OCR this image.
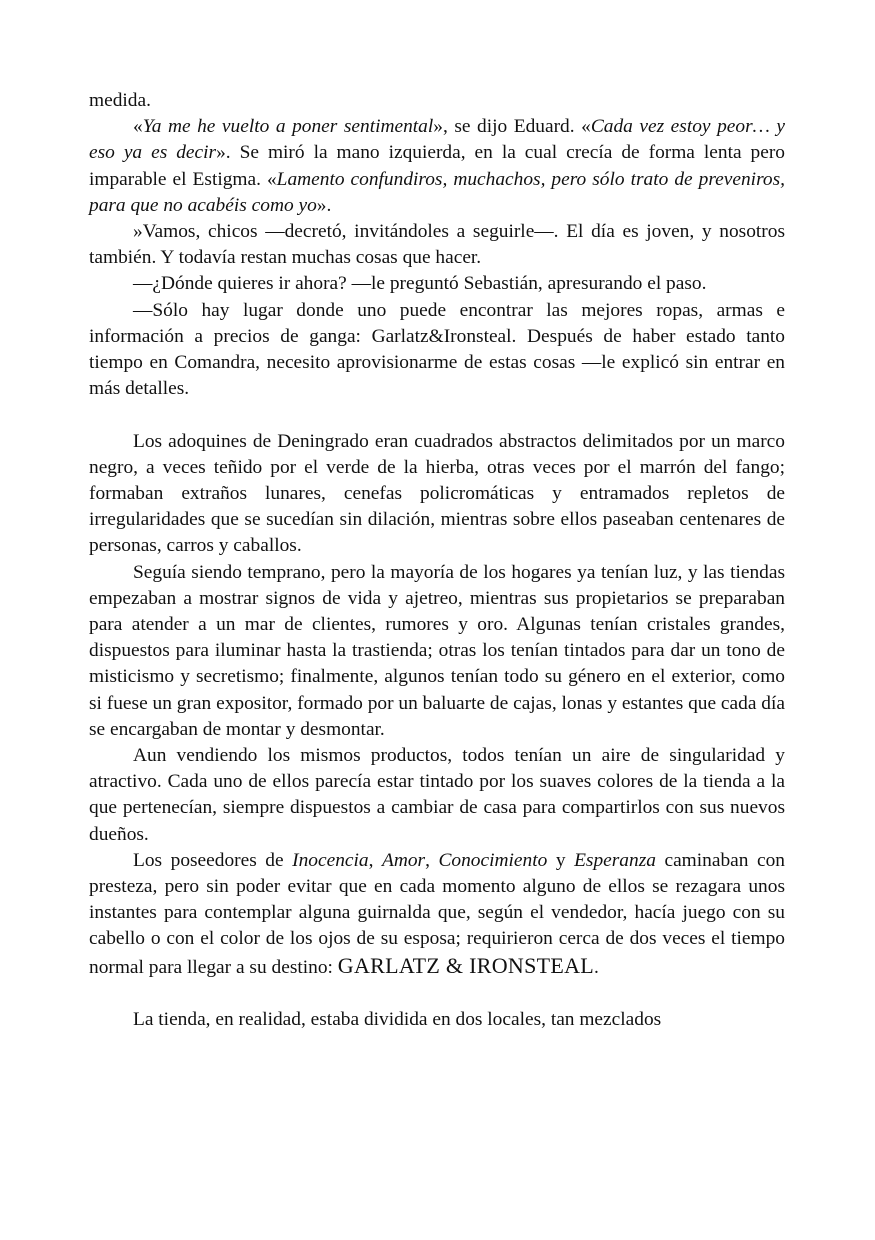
medida.

«Ya me he vuelto a poner sentimental», se dijo Eduard. «Cada vez estoy peor… y eso ya es decir». Se miró la mano izquierda, en la cual crecía de forma lenta pero imparable el Estigma. «Lamento confundiros, muchachos, pero sólo trato de preveniros, para que no acabéis como yo».

»Vamos, chicos —decretó, invitándoles a seguirle—. El día es joven, y nosotros también. Y todavía restan muchas cosas que hacer.

—¿Dónde quieres ir ahora? —le preguntó Sebastián, apresurando el paso.

—Sólo hay lugar donde uno puede encontrar las mejores ropas, armas e información a precios de ganga: Garlatz&Ironsteal. Después de haber estado tanto tiempo en Comandra, necesito aprovisionarme de estas cosas —le explicó sin entrar en más detalles.

Los adoquines de Deningrado eran cuadrados abstractos delimitados por un marco negro, a veces teñido por el verde de la hierba, otras veces por el marrón del fango; formaban extraños lunares, cenefas policromáticas y entramados repletos de irregularidades que se sucedían sin dilación, mientras sobre ellos paseaban centenares de personas, carros y caballos.

Seguía siendo temprano, pero la mayoría de los hogares ya tenían luz, y las tiendas empezaban a mostrar signos de vida y ajetreo, mientras sus propietarios se preparaban para atender a un mar de clientes, rumores y oro. Algunas tenían cristales grandes, dispuestos para iluminar hasta la trastienda; otras los tenían tintados para dar un tono de misticismo y secretismo; finalmente, algunos tenían todo su género en el exterior, como si fuese un gran expositor, formado por un baluarte de cajas, lonas y estantes que cada día se encargaban de montar y desmontar.

Aun vendiendo los mismos productos, todos tenían un aire de singularidad y atractivo. Cada uno de ellos parecía estar tintado por los suaves colores de la tienda a la que pertenecían, siempre dispuestos a cambiar de casa para compartirlos con sus nuevos dueños.

Los poseedores de Inocencia, Amor, Conocimiento y Esperanza caminaban con presteza, pero sin poder evitar que en cada momento alguno de ellos se rezagara unos instantes para contemplar alguna guirnalda que, según el vendedor, hacía juego con su cabello o con el color de los ojos de su esposa; requirieron cerca de dos veces el tiempo normal para llegar a su destino: GARLATZ & IRONSTEAL.

La tienda, en realidad, estaba dividida en dos locales, tan mezclados
